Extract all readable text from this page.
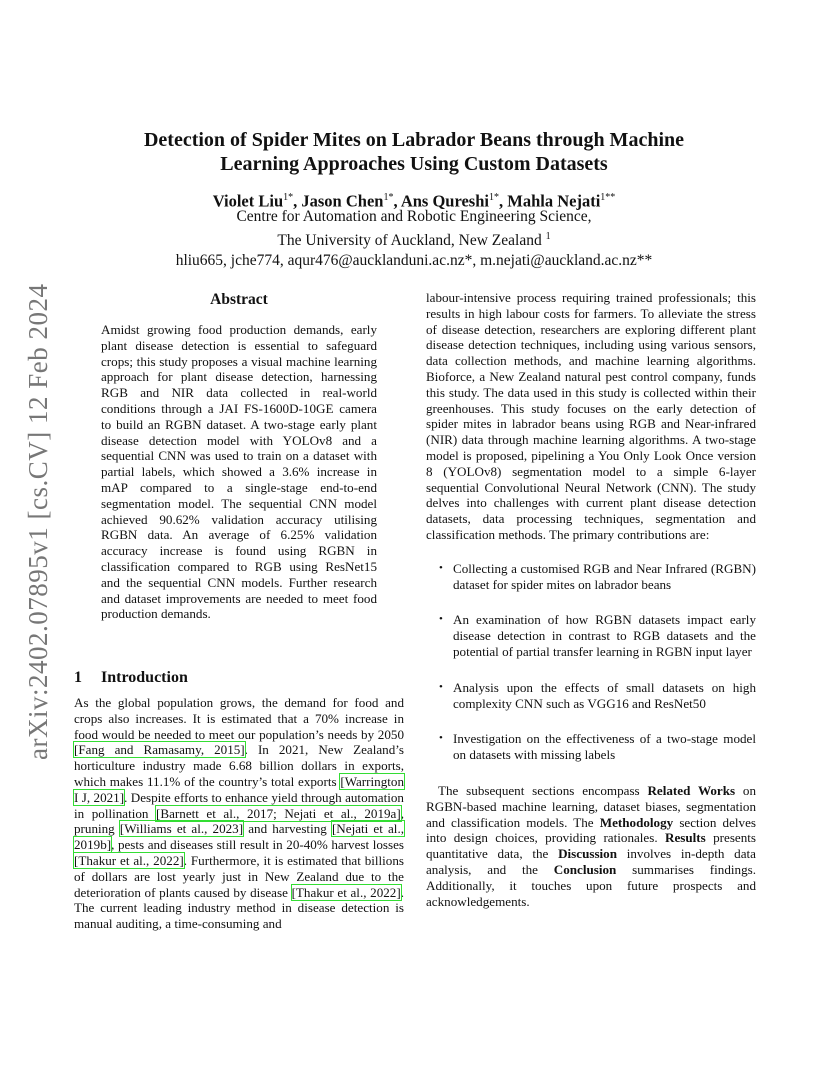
arXiv:2402.07895v1 [cs.CV] 12 Feb 2024
Detection of Spider Mites on Labrador Beans through Machine
Learning Approaches Using Custom Datasets
Violet Liu$^{1*}$, Jason Chen$^{1*}$, Ans Qureshi$^{1*}$, Mahla Nejati$^{1**}$
Centre for Automation and Robotic Engineering Science,
The University of Auckland, New Zealand $^1$
hliu665, jche774, aqur476@aucklanduni.ac.nz*, m.nejati@auckland.ac.nz**
Abstract
Amidst growing food production demands, early plant disease detection is essential to safeguard crops; this study proposes a visual machine learning approach for plant disease detection, harnessing RGB and NIR data collected in real-world conditions through a JAI FS-1600D-10GE camera to build an RGBN dataset. A two-stage early plant disease detection model with YOLOv8 and a sequential CNN was used to train on a dataset with partial labels, which showed a 3.6% increase in mAP compared to a single-stage end-to-end segmentation model. The sequential CNN model achieved 90.62% validation accuracy utilising RGBN data. An average of 6.25% validation accuracy increase is found using RGBN in classification compared to RGB using ResNet15 and the sequential CNN models. Further research and dataset improvements are needed to meet food production demands.
1 Introduction
As the global population grows, the demand for food and crops also increases. It is estimated that a 70% increase in food would be needed to meet our population’s needs by 2050 [Fang and Ramasamy, 2015]. In 2021, New Zealand’s horticulture industry made 6.68 billion dollars in exports, which makes 11.1% of the country’s total exports [Warrington I J, 2021]. Despite efforts to enhance yield through automation in pollination [Barnett et al., 2017; Nejati et al., 2019a], pruning [Williams et al., 2023] and harvesting [Nejati et al., 2019b], pests and diseases still result in 20-40% harvest losses [Thakur et al., 2022]. Furthermore, it is estimated that billions of dollars are lost yearly just in New Zealand due to the deterioration of plants caused by disease [Thakur et al., 2022]. The current leading industry method in disease detection is manual auditing, a time-consuming and
labour-intensive process requiring trained professionals; this results in high labour costs for farmers. To alleviate the stress of disease detection, researchers are exploring different plant disease detection techniques, including using various sensors, data collection methods, and machine learning algorithms. Bioforce, a New Zealand natural pest control company, funds this study. The data used in this study is collected within their greenhouses. This study focuses on the early detection of spider mites in labrador beans using RGB and Near-infrared (NIR) data through machine learning algorithms. A two-stage model is proposed, pipelining a You Only Look Once version 8 (YOLOv8) segmentation model to a simple 6-layer sequential Convolutional Neural Network (CNN). The study delves into challenges with current plant disease detection datasets, data processing techniques, segmentation and classification methods. The primary contributions are:
• Collecting a customised RGB and Near Infrared (RGBN) dataset for spider mites on labrador beans
• An examination of how RGBN datasets impact early disease detection in contrast to RGB datasets and the potential of partial transfer learning in RGBN input layer
• Analysis upon the effects of small datasets on high complexity CNN such as VGG16 and ResNet50
• Investigation on the effectiveness of a two-stage model on datasets with missing labels
The subsequent sections encompass Related Works on RGBN-based machine learning, dataset biases, segmentation and classification models. The Methodology section delves into design choices, providing rationales. Results presents quantitative data, the Discussion involves in-depth data analysis, and the Conclusion summarises findings. Additionally, it touches upon future prospects and acknowledgements.
